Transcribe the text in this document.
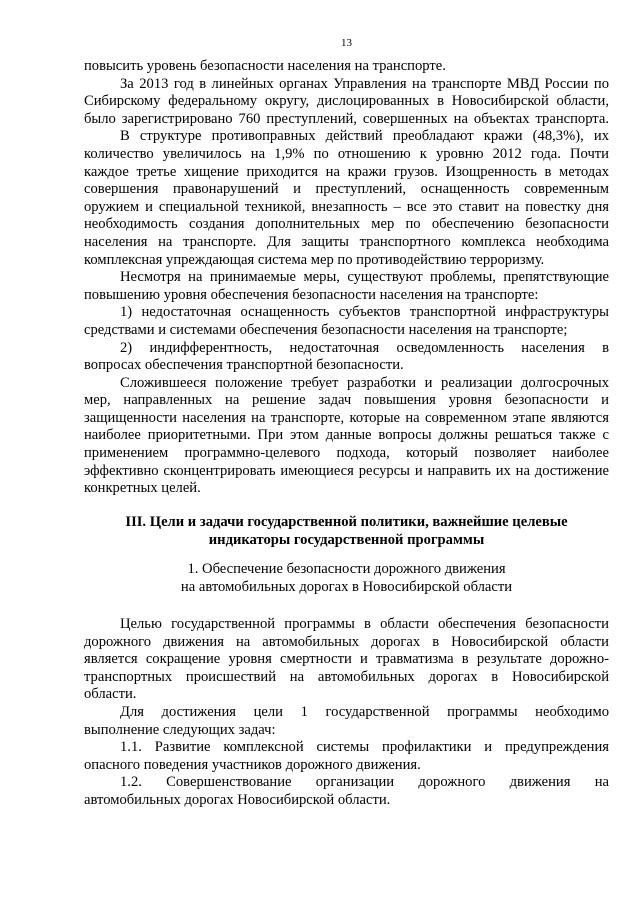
13
повысить уровень безопасности населения на транспорте.
За 2013 год в линейных органах Управления на транспорте МВД России по
Сибирскому федеральному округу, дислоцированных в Новосибирской области,
было зарегистрировано 760 преступлений, совершенных на объектах транспорта.
В структуре противоправных действий преобладают кражи (48,3%), их
количество увеличилось на 1,9% по отношению к уровню 2012 года. Почти
каждое третье хищение приходится на кражи грузов. Изощренность в методах
совершения правонарушений и преступлений, оснащенность современным
оружием и специальной техникой, внезапность – все это ставит на повестку дня
необходимость создания дополнительных мер по обеспечению безопасности
населения на транспорте. Для защиты транспортного комплекса необходима
комплексная упреждающая система мер по противодействию терроризму.
Несмотря на принимаемые меры, существуют проблемы, препятствующие
повышению уровня обеспечения безопасности населения на транспорте:
1) недостаточная оснащенность субъектов транспортной инфраструктуры
средствами и системами обеспечения безопасности населения на транспорте;
2) индифферентность, недостаточная осведомленность населения в
вопросах обеспечения транспортной безопасности.
Сложившееся положение требует разработки и реализации долгосрочных
мер, направленных на решение задач повышения уровня безопасности и
защищенности населения на транспорте, которые на современном этапе являются
наиболее приоритетными. При этом данные вопросы должны решаться также с
применением программно-целевого подхода, который позволяет наиболее
эффективно сконцентрировать имеющиеся ресурсы и направить их на достижение
конкретных целей.
III. Цели и задачи государственной политики, важнейшие целевые
индикаторы государственной программы
1. Обеспечение безопасности дорожного движения
на автомобильных дорогах в Новосибирской области
Целью государственной программы в области обеспечения безопасности
дорожного движения на автомобильных дорогах в Новосибирской области
является сокращение уровня смертности и травматизма в результате дорожно-
транспортных происшествий на автомобильных дорогах в Новосибирской
области.
Для достижения цели 1 государственной программы необходимо
выполнение следующих задач:
1.1. Развитие комплексной системы профилактики и предупреждения
опасного поведения участников дорожного движения.
1.2. Совершенствование организации дорожного движения на
автомобильных дорогах Новосибирской области.
